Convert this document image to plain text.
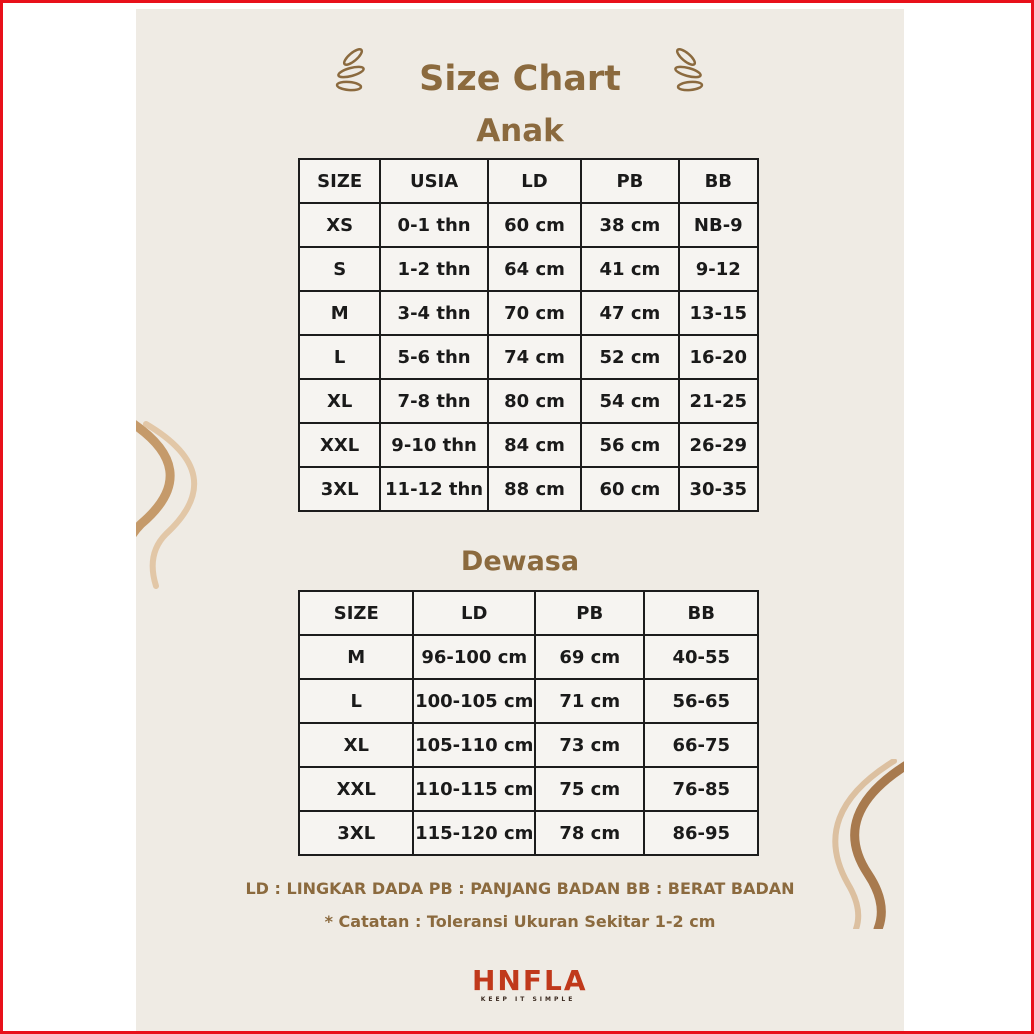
Size Chart
Anak
SIZE	USIA	LD	PB	BB
XS	0-1 thn	60 cm	38 cm	NB-9
S	1-2 thn	64 cm	41 cm	9-12
M	3-4 thn	70 cm	47 cm	13-15
L	5-6 thn	74 cm	52 cm	16-20
XL	7-8 thn	80 cm	54 cm	21-25
XXL	9-10 thn	84 cm	56 cm	26-29
3XL	11-12 thn	88 cm	60 cm	30-35
Dewasa
SIZE	LD	PB	BB
M	96-100 cm	69 cm	40-55
L	100-105 cm	71 cm	56-65
XL	105-110 cm	73 cm	66-75
XXL	110-115 cm	75 cm	76-85
3XL	115-120 cm	78 cm	86-95
LD : LINGKAR DADA PB : PANJANG BADAN BB : BERAT BADAN
* Catatan : Toleransi Ukuran Sekitar 1-2 cm
HNFLA
KEEP IT SIMPLE
